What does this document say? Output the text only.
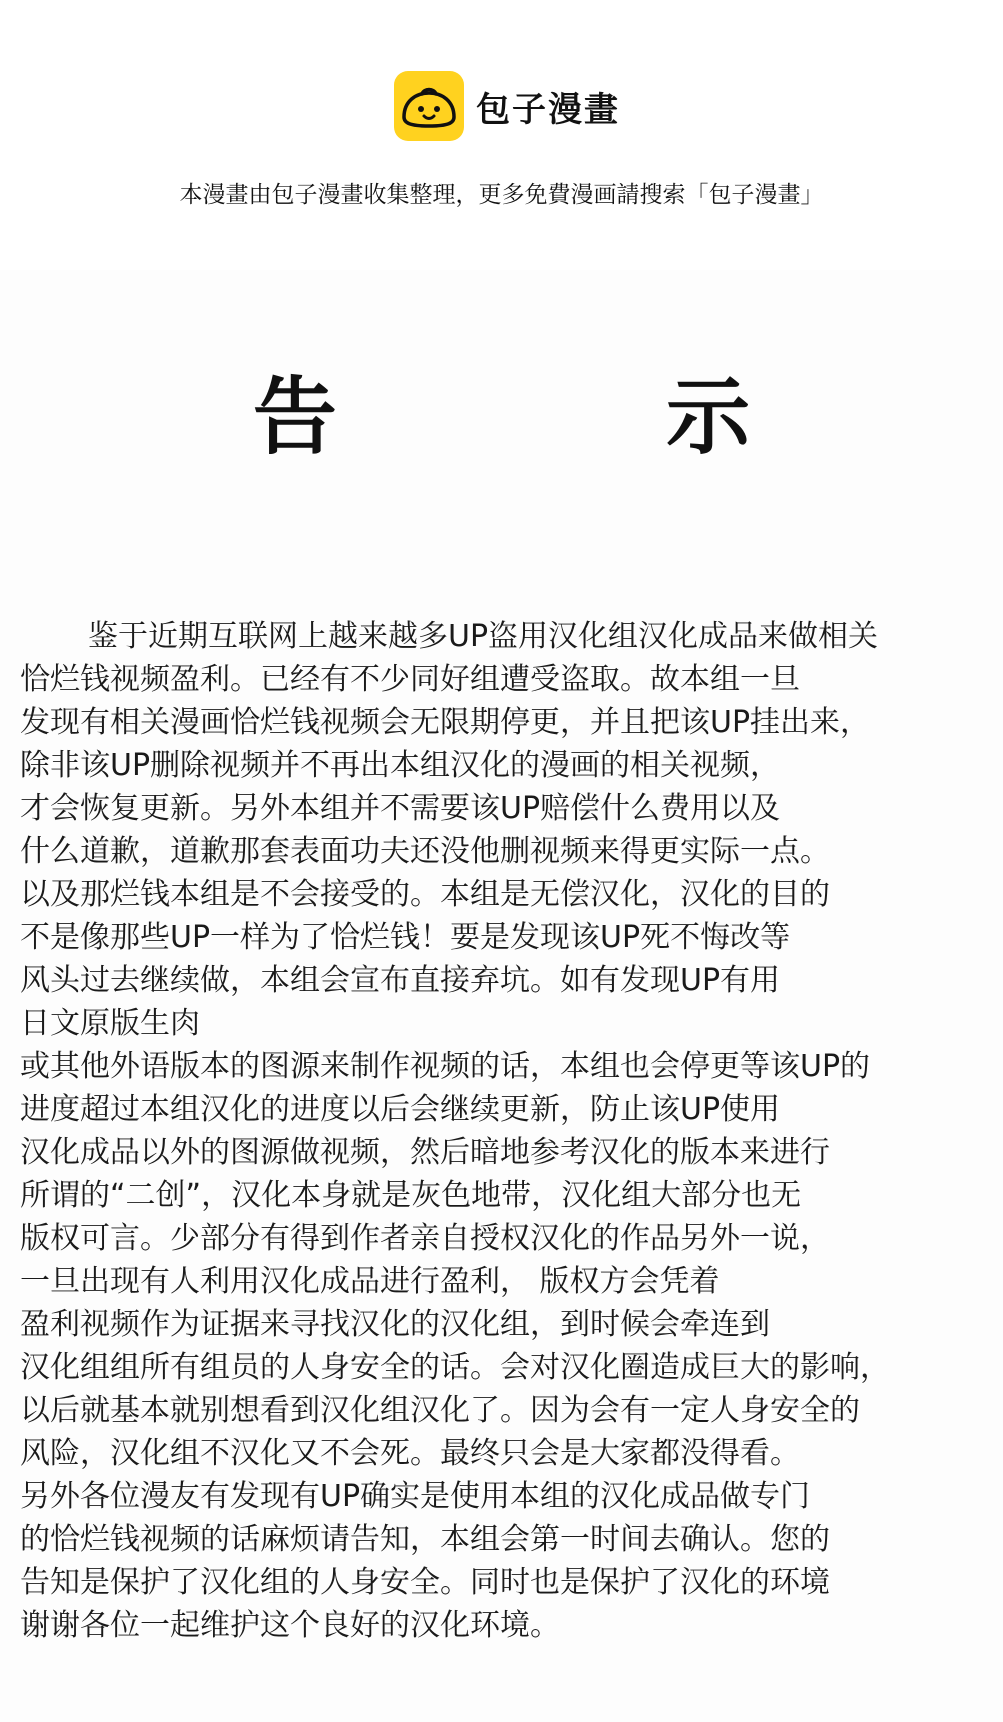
包子漫畫
本漫畫由包子漫畫收集整理，更多免費漫画請搜索「包子漫畫」
告 示
鉴于近期互联网上越来越多UP盗用汉化组汉化成品来做相关
恰烂钱视频盈利。已经有不少同好组遭受盗取。故本组一旦
发现有相关漫画恰烂钱视频会无限期停更，并且把该UP挂出来，
除非该UP删除视频并不再出本组汉化的漫画的相关视频，
才会恢复更新。另外本组并不需要该UP赔偿什么费用以及
什么道歉，道歉那套表面功夫还没他删视频来得更实际一点。
以及那烂钱本组是不会接受的。本组是无偿汉化，汉化的目的
不是像那些UP一样为了恰烂钱！要是发现该UP死不悔改等
风头过去继续做，本组会宣布直接弃坑。如有发现UP有用
日文原版生肉
或其他外语版本的图源来制作视频的话，本组也会停更等该UP的
进度超过本组汉化的进度以后会继续更新，防止该UP使用
汉化成品以外的图源做视频，然后暗地参考汉化的版本来进行
所谓的“二创”，汉化本身就是灰色地带，汉化组大部分也无
版权可言。少部分有得到作者亲自授权汉化的作品另外一说，
一旦出现有人利用汉化成品进行盈利， 版权方会凭着
盈利视频作为证据来寻找汉化的汉化组，到时候会牵连到
汉化组组所有组员的人身安全的话。会对汉化圈造成巨大的影响，
以后就基本就别想看到汉化组汉化了。因为会有一定人身安全的
风险，汉化组不汉化又不会死。最终只会是大家都没得看。
另外各位漫友有发现有UP确实是使用本组的汉化成品做专门
的恰烂钱视频的话麻烦请告知，本组会第一时间去确认。您的
告知是保护了汉化组的人身安全。同时也是保护了汉化的环境
谢谢各位一起维护这个良好的汉化环境。
